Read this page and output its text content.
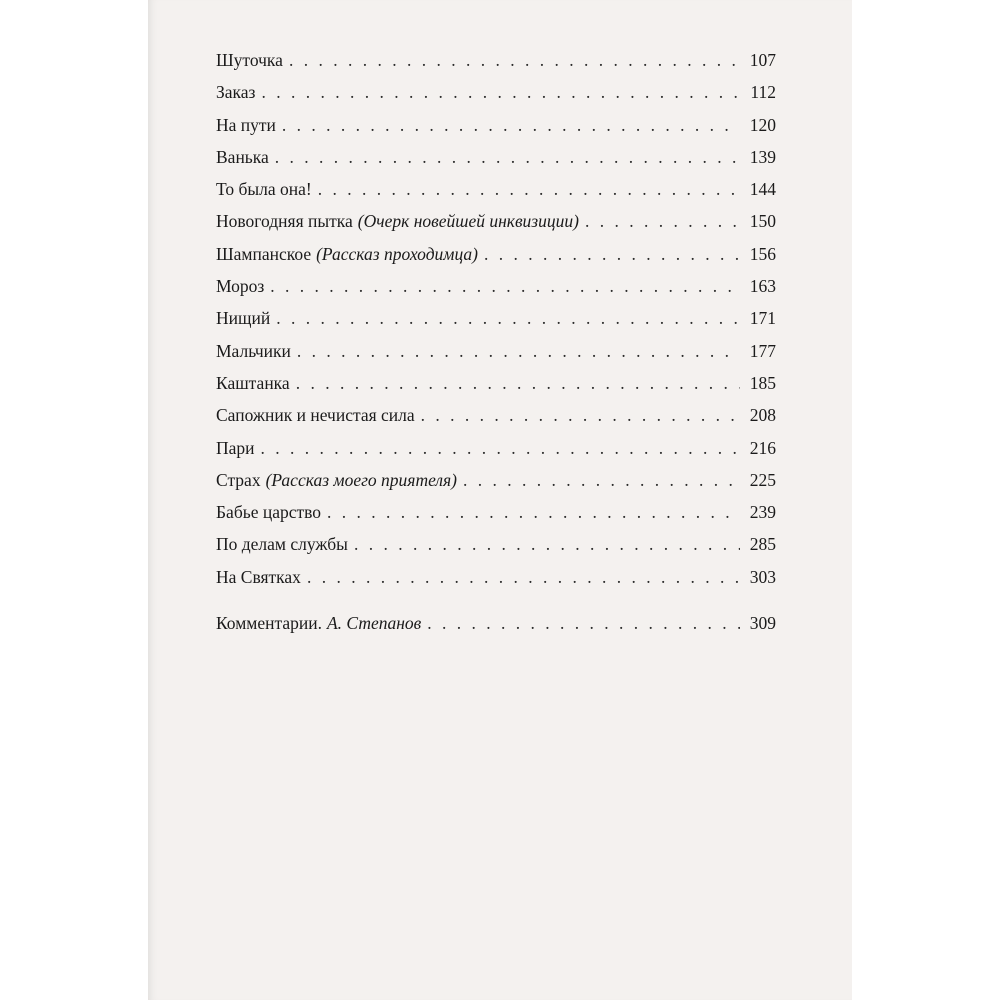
Шуточка . . .	107
Заказ . . .	112
На пути . . .	120
Ванька . . .	139
То была она! . . .	144
Новогодняя пытка (Очерк новейшей инквизиции) . . .	150
Шампанское (Рассказ проходимца) . . .	156
Мороз . . .	163
Нищий . . .	171
Мальчики . . .	177
Каштанка . . .	185
Сапожник и нечистая сила . . .	208
Пари . . .	216
Страх (Рассказ моего приятеля) . . .	225
Бабье царство . . .	239
По делам службы . . .	285
На Святках . . .	303
Комментарии. А. Степанов . . .	309
